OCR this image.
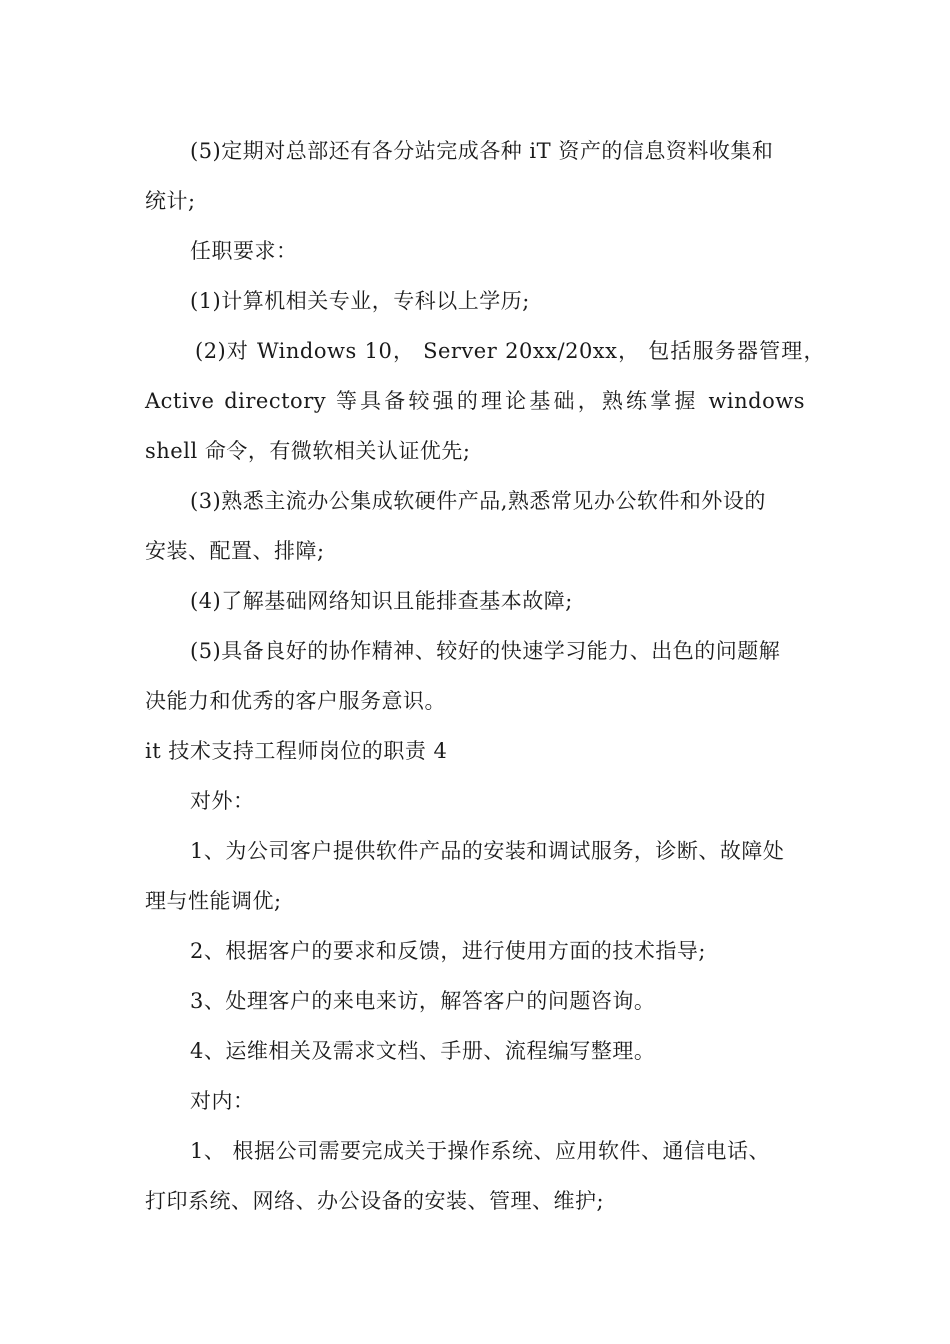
(5)定期对总部还有各分站完成各种 iT 资产的信息资料收集和
统计;
任职要求：
(1)计算机相关专业，专科以上学历;
(2)对 Windows 10， Server 20xx/20xx， 包括服务器管理，
Active directory 等具备较强的理论基础，熟练掌握 windows
shell 命令，有微软相关认证优先;
(3)熟悉主流办公集成软硬件产品,熟悉常见办公软件和外设的
安装、配置、排障;
(4)了解基础网络知识且能排查基本故障;
(5)具备良好的协作精神、较好的快速学习能力、出色的问题解
决能力和优秀的客户服务意识。
it 技术支持工程师岗位的职责 4
对外：
1、为公司客户提供软件产品的安装和调试服务，诊断、故障处
理与性能调优;
2、根据客户的要求和反馈，进行使用方面的技术指导;
3、处理客户的来电来访，解答客户的问题咨询。
4、运维相关及需求文档、手册、流程编写整理。
对内：
1、 根据公司需要完成关于操作系统、应用软件、通信电话、
打印系统、网络、办公设备的安装、管理、维护;
